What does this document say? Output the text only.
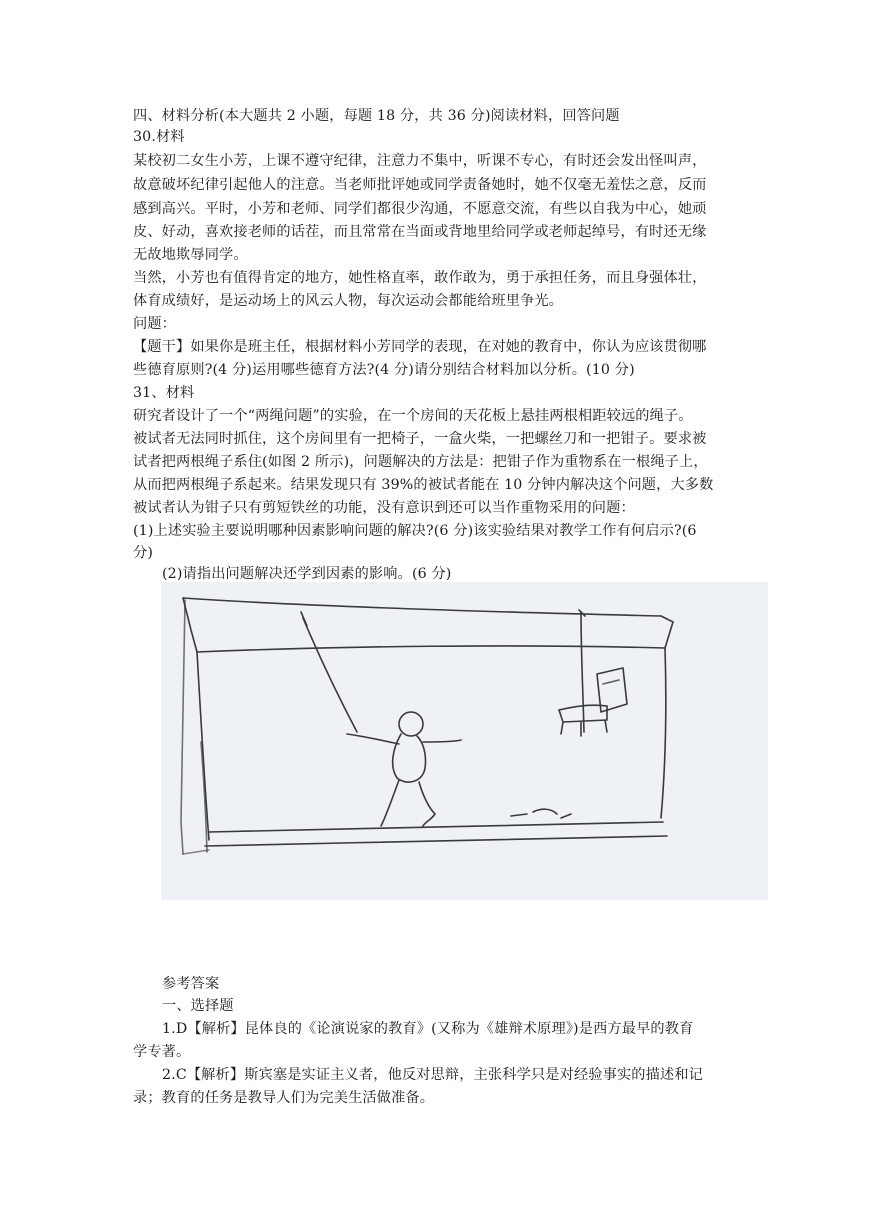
四、材料分析(本大题共 2 小题，每题 18 分，共 36 分)阅读材料，回答问题
30.材料
某校初二女生小芳，上课不遵守纪律，注意力不集中，听课不专心，有时还会发出怪叫声，
故意破坏纪律引起他人的注意。当老师批评她或同学责备她时，她不仅毫无羞怯之意，反而
感到高兴。平时，小芳和老师、同学们都很少沟通，不愿意交流，有些以自我为中心，她顽
皮、好动，喜欢接老师的话茬，而且常常在当面或背地里给同学或老师起绰号，有时还无缘
无故地欺辱同学。
当然，小芳也有值得肯定的地方，她性格直率，敢作敢为，勇于承担任务，而且身强体壮，
体育成绩好，是运动场上的风云人物，每次运动会都能给班里争光。
问题：
【题干】如果你是班主任，根据材料小芳同学的表现，在对她的教育中，你认为应该贯彻哪
些德育原则?(4 分)运用哪些德育方法?(4 分)请分别结合材料加以分析。(10 分)
31、材料
研究者设计了一个“两绳问题”的实验，在一个房间的天花板上悬挂两根相距较远的绳子。
被试者无法同时抓住，这个房间里有一把椅子，一盒火柴，一把螺丝刀和一把钳子。要求被
试者把两根绳子系住(如图 2 所示)，问题解决的方法是：把钳子作为重物系在一根绳子上，
从而把两根绳子系起来。结果发现只有 39%的被试者能在 10 分钟内解决这个问题，大多数
被试者认为钳子只有剪短铁丝的功能，没有意识到还可以当作重物采用的问题：
(1)上述实验主要说明哪种因素影响问题的解决?(6 分)该实验结果对教学工作有何启示?(6
分)
(2)请指出问题解决还学到因素的影响。(6 分)
参考答案
一、选择题
1.D【解析】昆体良的《论演说家的教育》(又称为《雄辩术原理》)是西方最早的教育
学专著。
2.C【解析】斯宾塞是实证主义者，他反对思辩，主张科学只是对经验事实的描述和记
录；教育的任务是教导人们为完美生活做准备。
